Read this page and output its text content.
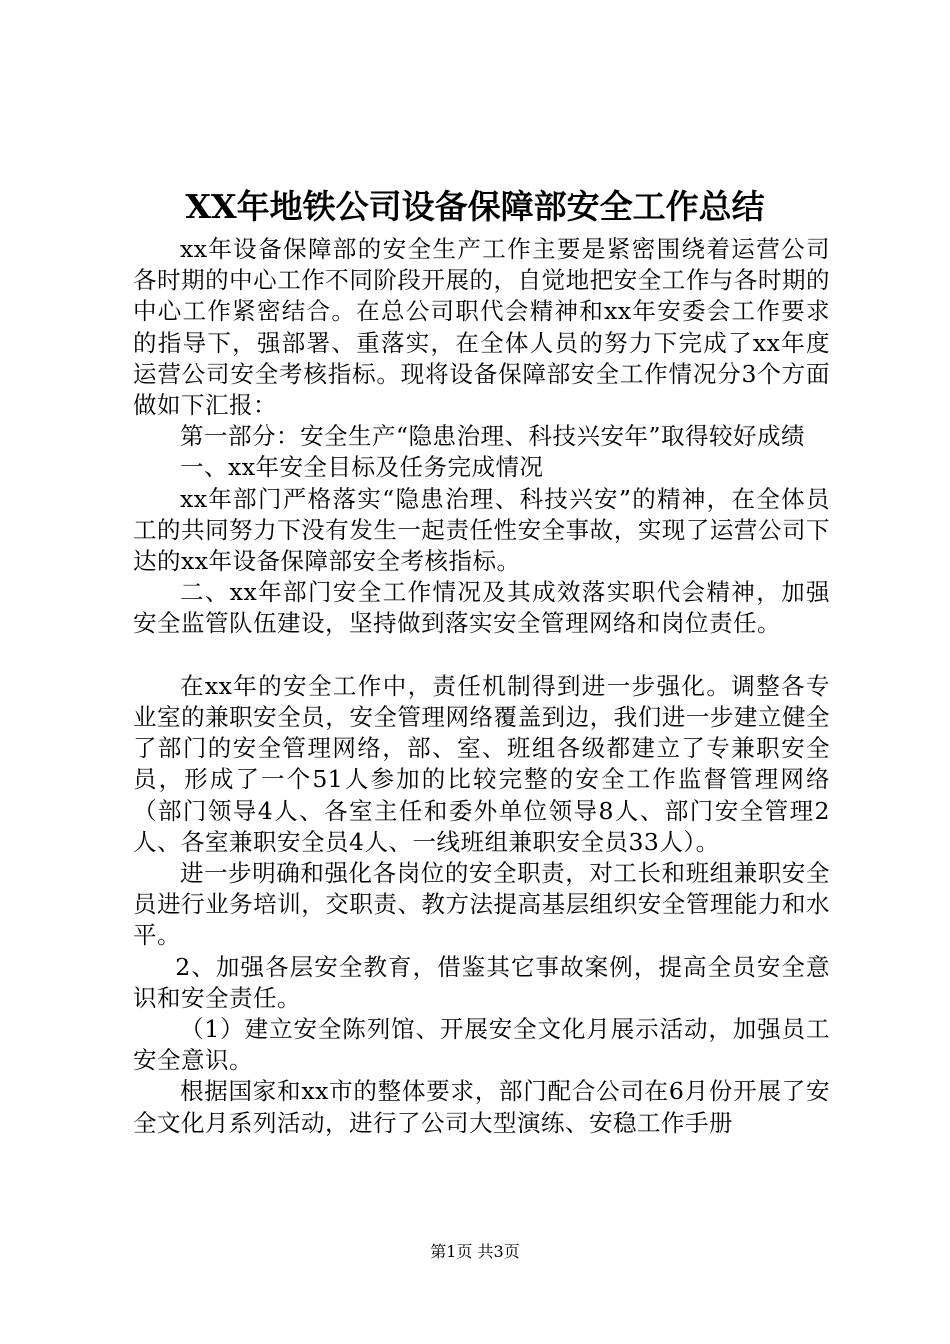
XX年地铁公司设备保障部安全工作总结

xx年设备保障部的安全生产工作主要是紧密围绕着运营公司各时期的中心工作不同阶段开展的，自觉地把安全工作与各时期的中心工作紧密结合。在总公司职代会精神和xx年安委会工作要求的指导下，强部署、重落实，在全体人员的努力下完成了xx年度运营公司安全考核指标。现将设备保障部安全工作情况分3个方面做如下汇报：

第一部分：安全生产“隐患治理、科技兴安年”取得较好成绩

一、xx年安全目标及任务完成情况

xx年部门严格落实“隐患治理、科技兴安”的精神，在全体员工的共同努力下没有发生一起责任性安全事故，实现了运营公司下达的xx年设备保障部安全考核指标。

二、xx年部门安全工作情况及其成效落实职代会精神，加强安全监管队伍建设，坚持做到落实安全管理网络和岗位责任。

在xx年的安全工作中，责任机制得到进一步强化。调整各专业室的兼职安全员，安全管理网络覆盖到边，我们进一步建立健全了部门的安全管理网络，部、室、班组各级都建立了专兼职安全员，形成了一个51人参加的比较完整的安全工作监督管理网络（部门领导4人、各室主任和委外单位领导8人、部门安全管理2人、各室兼职安全员4人、一线班组兼职安全员33人）。

进一步明确和强化各岗位的安全职责，对工长和班组兼职安全员进行业务培训，交职责、教方法提高基层组织安全管理能力和水平。

2、加强各层安全教育，借鉴其它事故案例，提高全员安全意识和安全责任。

（1）建立安全陈列馆、开展安全文化月展示活动，加强员工安全意识。

根据国家和xx市的整体要求，部门配合公司在6月份开展了安全文化月系列活动，进行了公司大型演练、安稳工作手册

第1页 共3页
